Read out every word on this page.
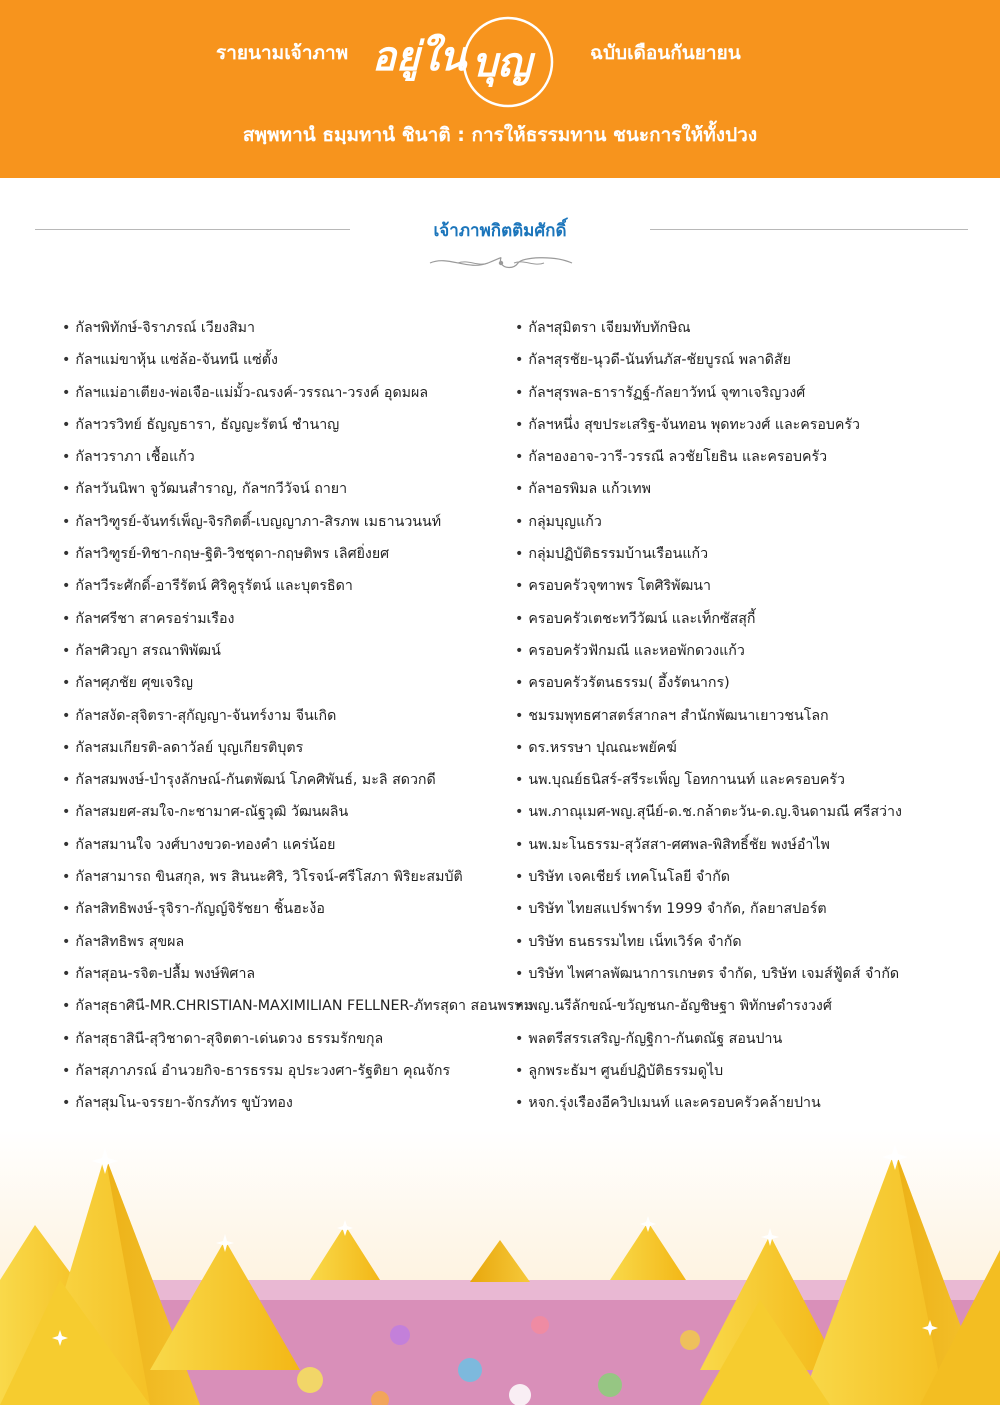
รายนามเจ้าภาพ อยู่ใน บุญ	ฉบับเดือนกันยายน
สพฺพทานํ ธมฺมทานํ ชินาติ : การให้ธรรมทาน ชนะการให้ทั้งปวง
เจ้าภาพกิตติมศักดิ์
• กัลฯพิทักษ์-จิราภรณ์ เวียงสิมา
• กัลฯแม่ขาหุ้น แซ่ล้อ-จันทนี แซ่ตั้ง
• กัลฯแม่อาเตียง-พ่อเจือ-แม่มั้ว-ณรงค์-วรรณา-วรงค์ อุดมผล
• กัลฯวรวิทย์ ธัญญธารา, ธัญญะรัตน์ ชำนาญ
• กัลฯวราภา เชื้อแก้ว
• กัลฯวันนิพา จูวัฒนสำราญ, กัลฯกวีวัจน์ ถายา
• กัลฯวิฑูรย์-จันทร์เพ็ญ-จิรกิตติ์-เบญญาภา-สิรภพ เมธานวนนท์
• กัลฯวิฑูรย์-ทิชา-กฤษ-ฐิติ-วิชชุดา-กฤษติพร เลิศยิ่งยศ
• กัลฯวีระศักดิ์-อารีรัตน์ ศิริคูรุรัตน์ และบุตรธิดา
• กัลฯศรีชา สาครอร่ามเรือง
• กัลฯศิวญา สรณาพิพัฒน์
• กัลฯศุภชัย ศุขเจริญ
• กัลฯสงัด-สุจิตรา-สุกัญญา-จันทร์งาม จีนเกิด
• กัลฯสมเกียรติ-ลดาวัลย์ บุญเกียรติบุตร
• กัลฯสมพงษ์-บำรุงลักษณ์-กันตพัฒน์ โภคศิพันธ์, มะลิ สดวกดี
• กัลฯสมยศ-สมใจ-กะชามาศ-ณัฐวุฒิ วัฒนผลิน
• กัลฯสมานใจ วงศ์บางขวด-ทองคำ แคร่น้อย
• กัลฯสามารถ ขินสกุล, พร สินนะศิริ, วิโรจน์-ศรีโสภา พิริยะสมบัติ
• กัลฯสิทธิพงษ์-รุจิรา-กัญญ์จิรัชยา ชิ้นฮะง้อ
• กัลฯสิทธิพร สุขผล
• กัลฯสุอน-รจิต-ปลื้ม พงษ์พิศาล
• กัลฯสุธาศินี-MR.CHRISTIAN-MAXIMILIAN FELLNER-ภัทรสุดา สอนพรหม
• กัลฯสุธาสินี-สุวิชาดา-สุจิตตา-เด่นดวง ธรรมรักขกุล
• กัลฯสุภาภรณ์ อำนวยกิจ-ธารธรรม อุประวงศา-รัฐติยา คุณจักร
• กัลฯสุมโน-จรรยา-จักรภัทร ขูบัวทอง
• กัลฯสุมิตรา เจียมทับทักษิณ
• กัลฯสุรชัย-นุวดี-นันท์นภัส-ชัยบูรณ์ พลาดิสัย
• กัลฯสุรพล-ธารารัฏฐ์-กัลยาวัทน์ จุฑาเจริญวงศ์
• กัลฯหนึ่ง สุขประเสริฐ-จันทอน พุดทะวงศ์ และครอบครัว
• กัลฯองอาจ-วารี-วรรณี ลวชัยโยธิน และครอบครัว
• กัลฯอรพิมล แก้วเทพ
• กลุ่มบุญแก้ว
• กลุ่มปฏิบัติธรรมบ้านเรือนแก้ว
• ครอบครัวจุฑาพร โตศิริพัฒนา
• ครอบครัวเตชะทวีวัฒน์ และเท็กซัสสุกี้
• ครอบครัวฟักมณี และหอพักดวงแก้ว
• ครอบครัวรัตนธรรม( อึ้งรัตนากร)
• ชมรมพุทธศาสตร์สากลฯ สำนักพัฒนาเยาวชนโลก
• ดร.หรรษา ปุณณะพยัคฆ์
• นพ.บุณย์ธนิสร์-สรีระเพ็ญ โอทกานนท์ และครอบครัว
• นพ.ภาณุเมศ-พญ.สุนีย์-ด.ช.กล้าตะวัน-ด.ญ.จินดามณี ศรีสว่าง
• นพ.มะโนธรรม-สุวัสสา-ศศพล-พิสิทธิ์ชัย พงษ์อำไพ
• บริษัท เจคเชียร์ เทคโนโลยี จำกัด
• บริษัท ไทยสแปร์พาร์ท 1999 จำกัด, กัลยาสปอร์ต
• บริษัท ธนธรรมไทย เน็ทเวิร์ค จำกัด
• บริษัท ไพศาลพัฒนาการเกษตร จำกัด, บริษัท เจมส์ฟู้ดส์ จำกัด
• พญ.นรีลักขณ์-ขวัญชนก-อัญชิษฐา พิทักษดำรงวงศ์
• พลตรีสรรเสริญ-กัญฐิกา-กันตณัฐ สอนปาน
• ลูกพระธัมฯ ศูนย์ปฏิบัติธรรมดูไบ
• หจก.รุ่งเรืองอีควิปเมนท์ และครอบครัวคล้ายปาน
